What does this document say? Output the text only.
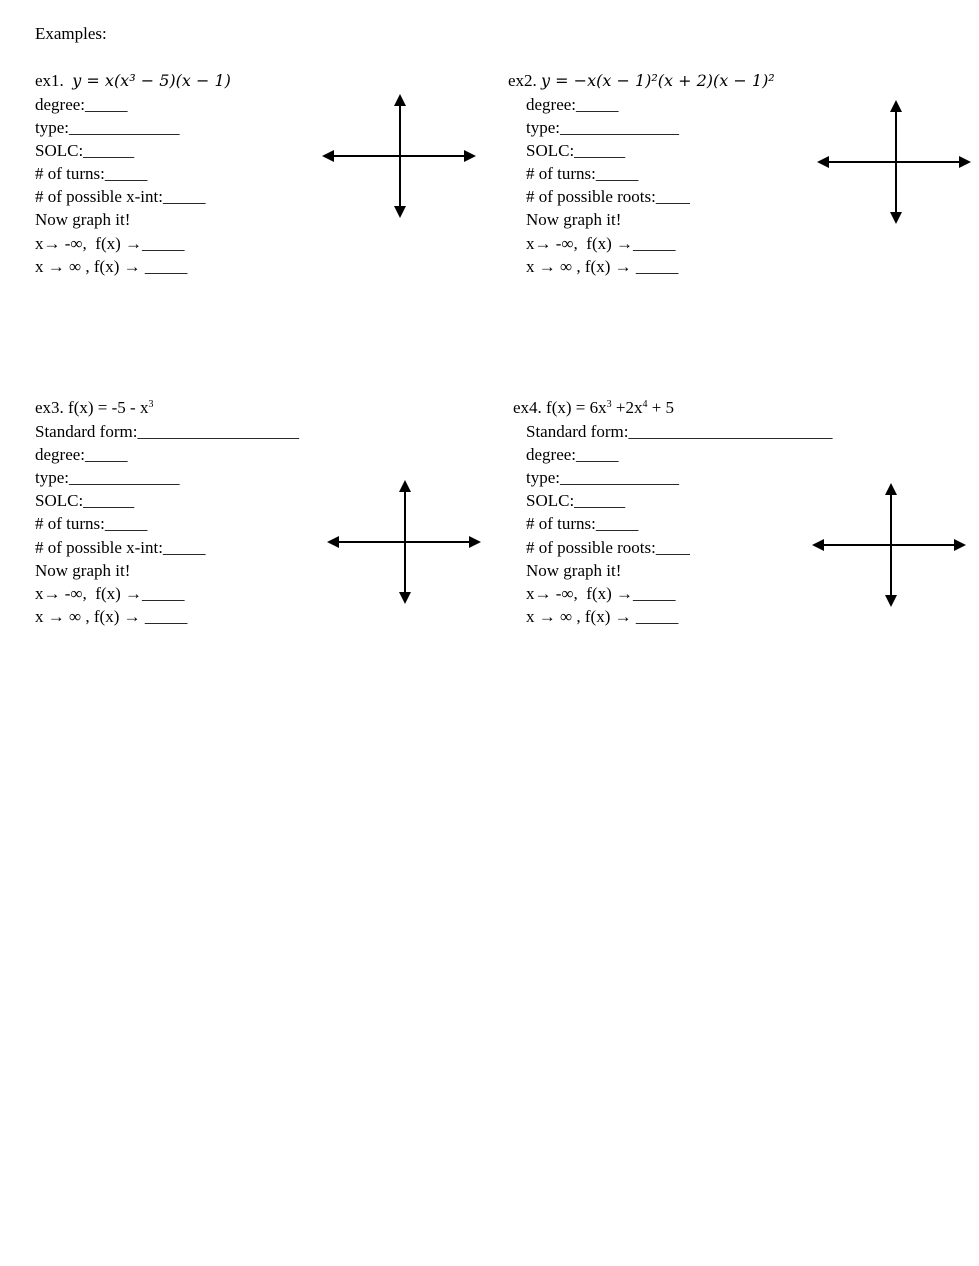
Examples:
ex1. y = x(x³ − 5)(x − 1)
degree:_____
type:_____________
SOLC:______
# of turns:_____
# of possible x-int:_____
Now graph it!
x→ -∞,  f(x) →_____
x → ∞ , f(x) → _____
ex2. y = −x(x − 1)²(x + 2)(x − 1)²
degree:_____
type:______________
SOLC:______
# of turns:_____
# of possible roots:____
Now graph it!
x→ -∞,  f(x) →_____
x → ∞ , f(x) → _____
ex3. $f(x) = -5 - x^3$
Standard form:___________________
degree:_____
type:_____________
SOLC:______
# of turns:_____
# of possible x-int:_____
Now graph it!
x→ -∞,  f(x) →_____
x → ∞ , f(x) → _____
ex4. $f(x) = 6x^3 +2x^4 + 5$
Standard form:________________________
degree:_____
type:______________
SOLC:______
# of turns:_____
# of possible roots:____
Now graph it!
x→ -∞,  f(x) →_____
x → ∞ , f(x) → _____
